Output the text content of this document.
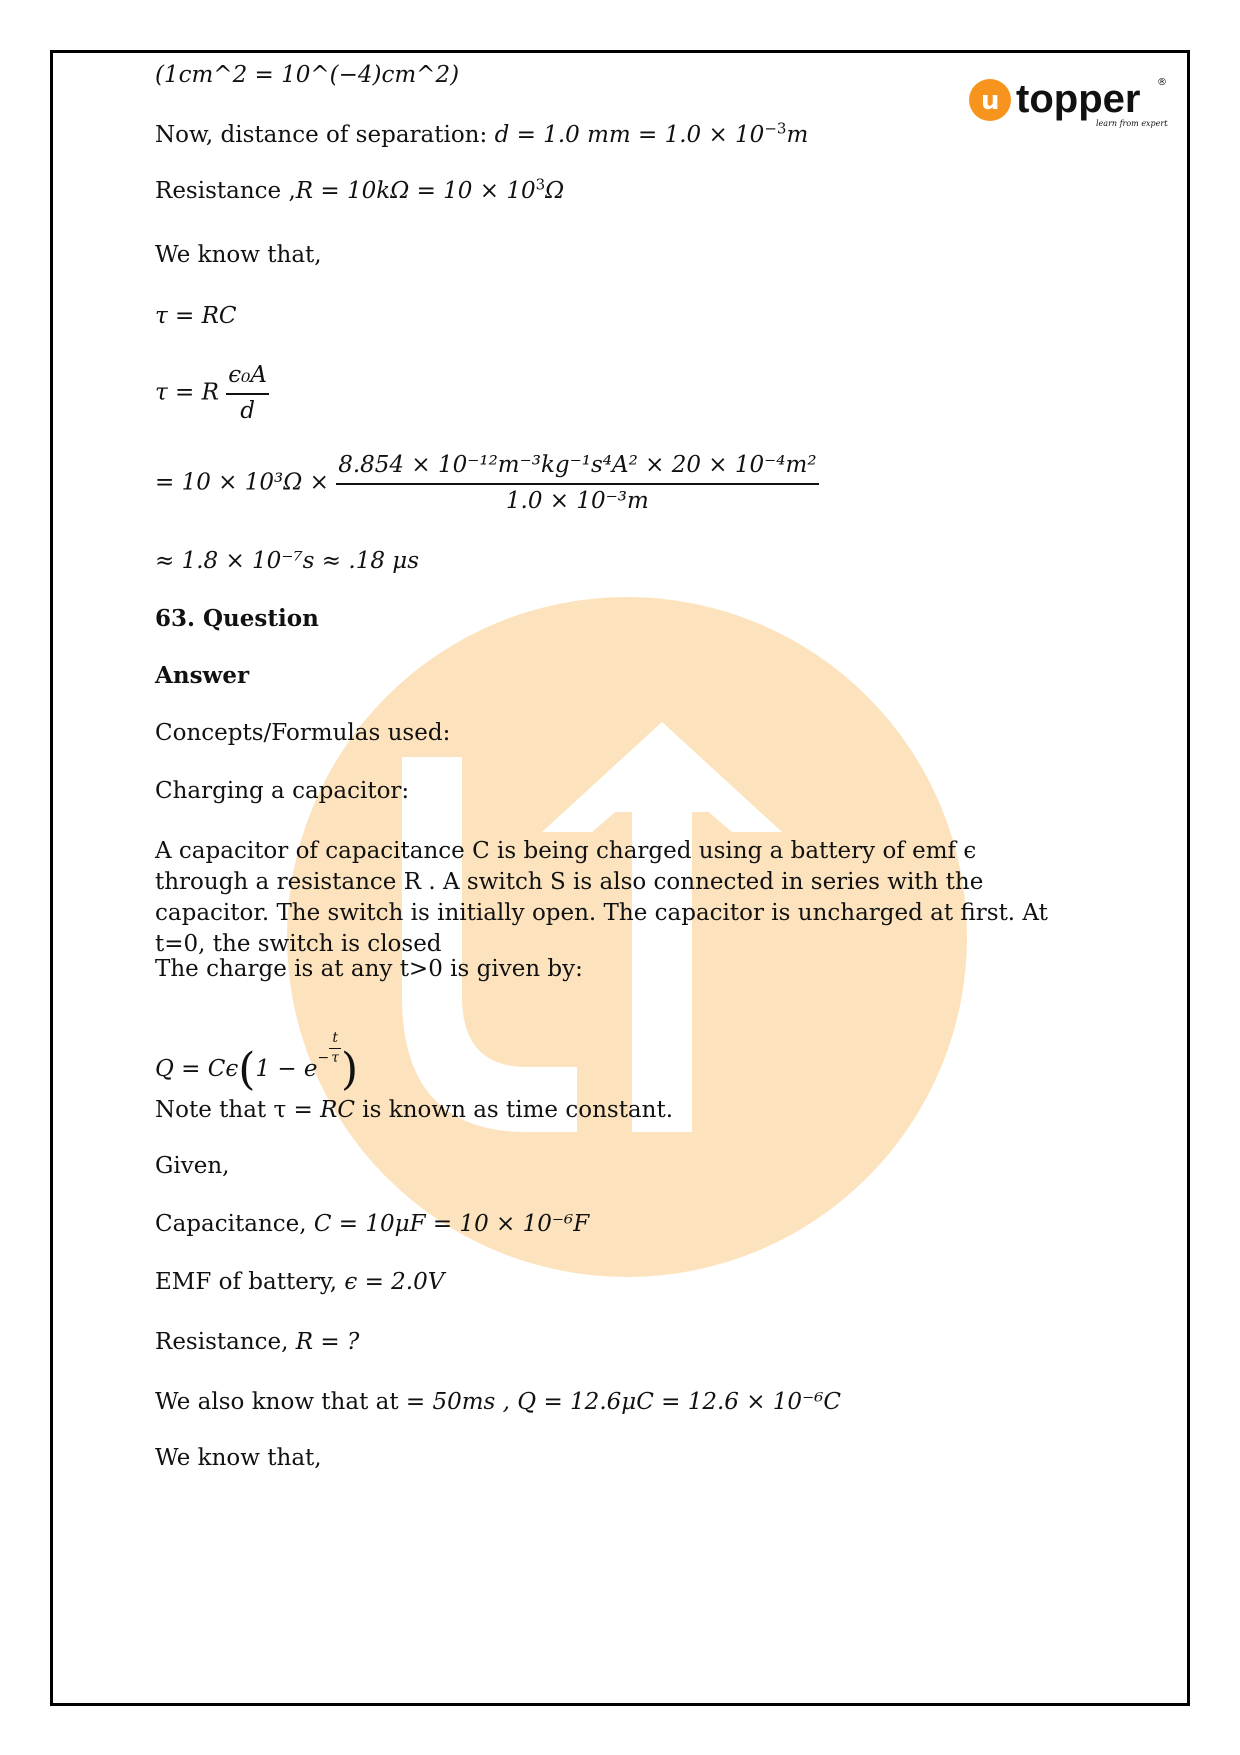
u topper ®
learn from experts
(1cm^2 = 10^(−4)cm^2)
Now, distance of separation: d = 1.0 mm = $1.0 \times 10^{-3}m$
Resistance $,R = 10k\Omega = 10 \times 10^3\Omega$
We know that,
τ = RC
τ = R $\frac{\text{ϵ₀A}}{d}$
= $10 \times 10^3\Omega \times \frac{\text{8.854 × 10⁻¹²m⁻³kg⁻¹s⁴A² × 20 × 10⁻⁴m²}}{\text{1.0 × 10⁻³m}}$
≈ 1.8 × 10⁻⁷s ≈ .18 μs
63. Question
Answer
Concepts/Formulas used:
Charging a capacitor:
A capacitor of capacitance C is being charged using a battery of emf ϵ through a resistance R . A switch S is also connected in series with the capacitor. The switch is initially open. The capacitor is uncharged at first. At t=0, the switch is closed
The charge is at any t>0 is given by:
$Q = C\epsilon(1 - e^- \frac{t}{\tau}$ )
Note that τ = RC is known as time constant.
Given,
Capacitance, C = 10μF = 10 × 10⁻⁶F
EMF of battery, ϵ = 2.0V
Resistance, R = ?
We also know that at = 50ms , Q = 12.6μC = 12.6 × 10⁻⁶C
We know that,
